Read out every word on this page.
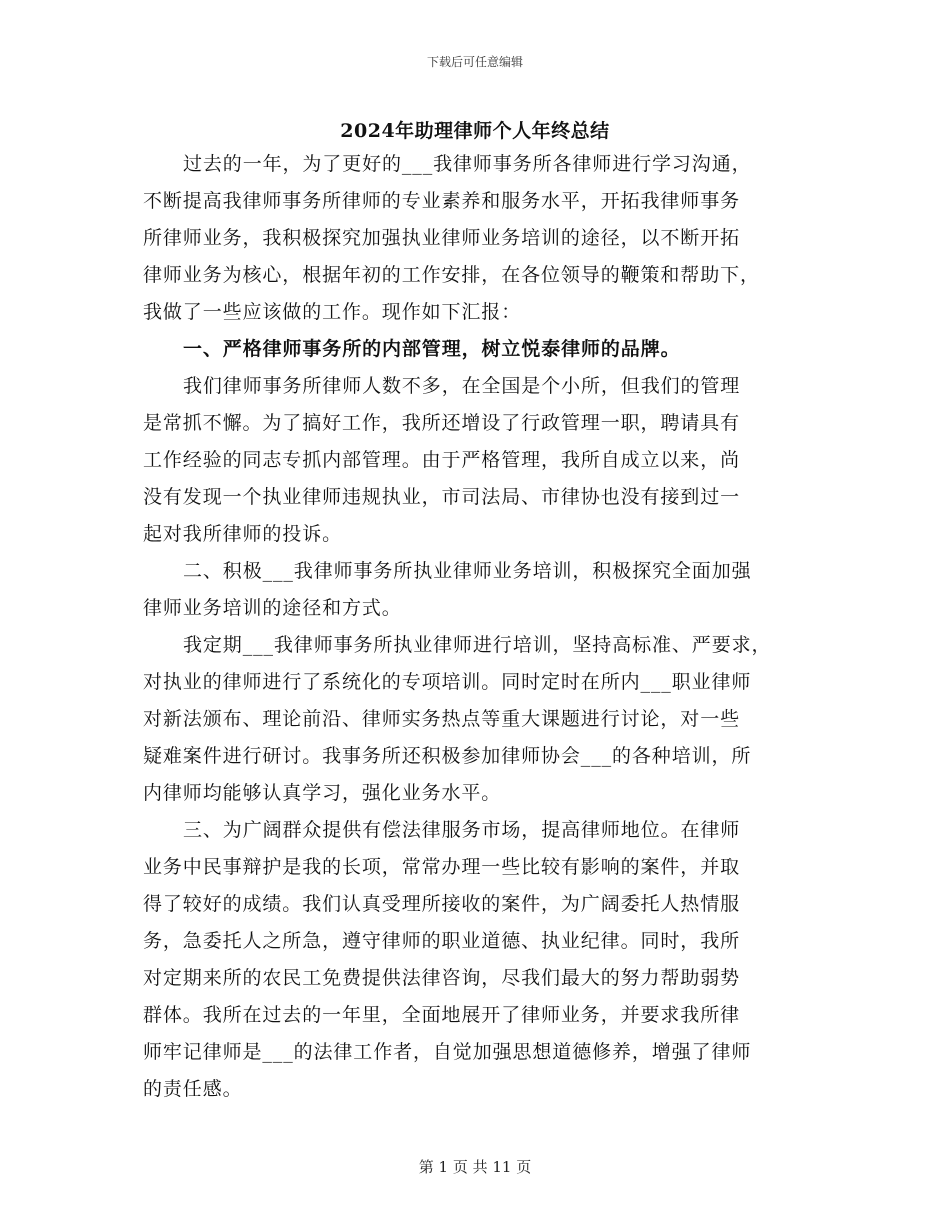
下载后可任意编辑
2024年助理律师个人年终总结
过去的一年，为了更好的___我律师事务所各律师进行学习沟通，
不断提高我律师事务所律师的专业素养和服务水平，开拓我律师事务
所律师业务，我积极探究加强执业律师业务培训的途径，以不断开拓
律师业务为核心，根据年初的工作安排，在各位领导的鞭策和帮助下，
我做了一些应该做的工作。现作如下汇报：
一、严格律师事务所的内部管理，树立悦泰律师的品牌。
我们律师事务所律师人数不多，在全国是个小所，但我们的管理
是常抓不懈。为了搞好工作，我所还增设了行政管理一职，聘请具有
工作经验的同志专抓内部管理。由于严格管理，我所自成立以来，尚
没有发现一个执业律师违规执业，市司法局、市律协也没有接到过一
起对我所律师的投诉。
二、积极___我律师事务所执业律师业务培训，积极探究全面加强
律师业务培训的途径和方式。
我定期___我律师事务所执业律师进行培训，坚持高标准、严要求，
对执业的律师进行了系统化的专项培训。同时定时在所内___职业律师
对新法颁布、理论前沿、律师实务热点等重大课题进行讨论，对一些
疑难案件进行研讨。我事务所还积极参加律师协会___的各种培训，所
内律师均能够认真学习，强化业务水平。
三、为广阔群众提供有偿法律服务市场，提高律师地位。在律师
业务中民事辩护是我的长项，常常办理一些比较有影响的案件，并取
得了较好的成绩。我们认真受理所接收的案件，为广阔委托人热情服
务，急委托人之所急，遵守律师的职业道德、执业纪律。同时，我所
对定期来所的农民工免费提供法律咨询，尽我们最大的努力帮助弱势
群体。我所在过去的一年里，全面地展开了律师业务，并要求我所律
师牢记律师是___的法律工作者，自觉加强思想道德修养，增强了律师
的责任感。
第 1 页 共 11 页
